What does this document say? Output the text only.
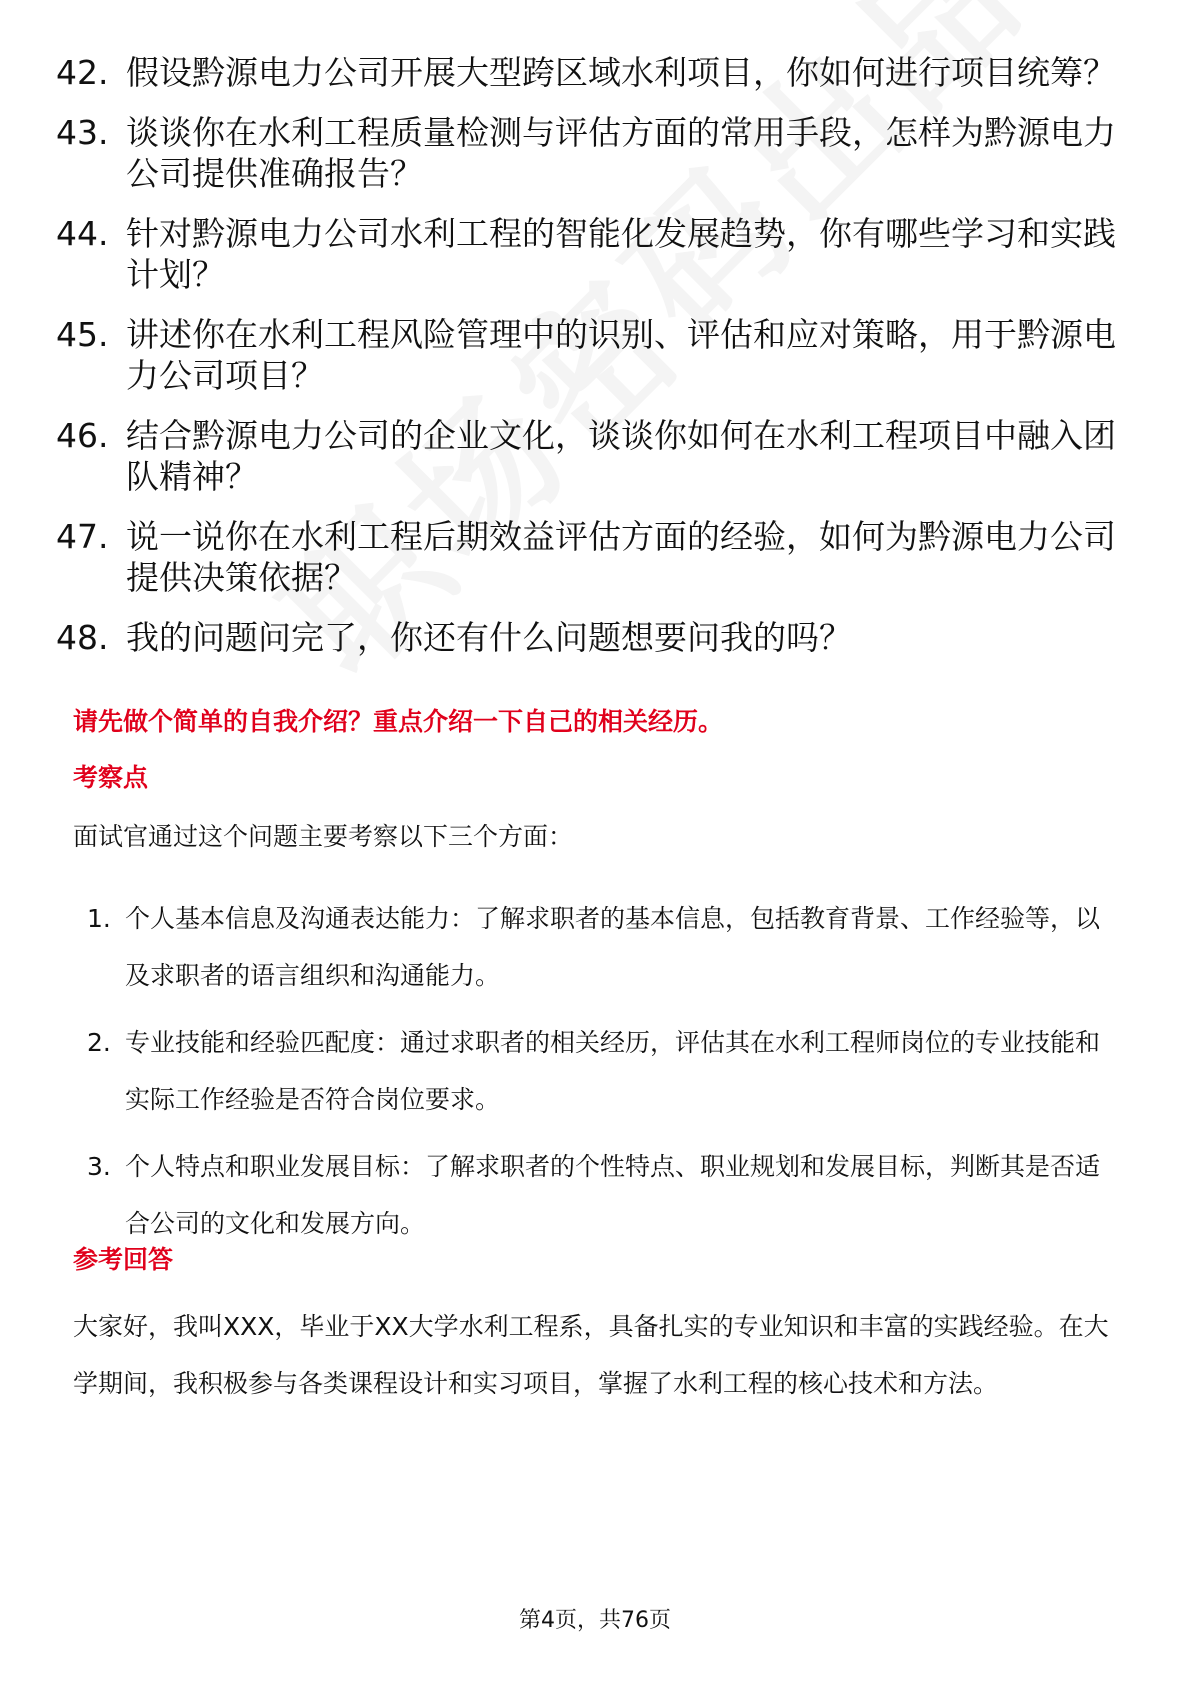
42. 假设黔源电力公司开展大型跨区域水利项目，你如何进行项目统筹？
43. 谈谈你在水利工程质量检测与评估方面的常用手段，怎样为黔源电力公司提供准确报告？
44. 针对黔源电力公司水利工程的智能化发展趋势，你有哪些学习和实践计划？
45. 讲述你在水利工程风险管理中的识别、评估和应对策略，用于黔源电力公司项目？
46. 结合黔源电力公司的企业文化，谈谈你如何在水利工程项目中融入团队精神？
47. 说一说你在水利工程后期效益评估方面的经验，如何为黔源电力公司提供决策依据？
48. 我的问题问完了，你还有什么问题想要问我的吗？
请先做个简单的自我介绍？重点介绍一下自己的相关经历。
考察点
面试官通过这个问题主要考察以下三个方面：
1. 个人基本信息及沟通表达能力：了解求职者的基本信息，包括教育背景、工作经验等，以及求职者的语言组织和沟通能力。
2. 专业技能和经验匹配度：通过求职者的相关经历，评估其在水利工程师岗位的专业技能和实际工作经验是否符合岗位要求。
3. 个人特点和职业发展目标：了解求职者的个性特点、职业规划和发展目标，判断其是否适合公司的文化和发展方向。
参考回答
大家好，我叫XXX，毕业于XX大学水利工程系，具备扎实的专业知识和丰富的实践经验。在大学期间，我积极参与各类课程设计和实习项目，掌握了水利工程的核心技术和方法。
第4页，共76页
